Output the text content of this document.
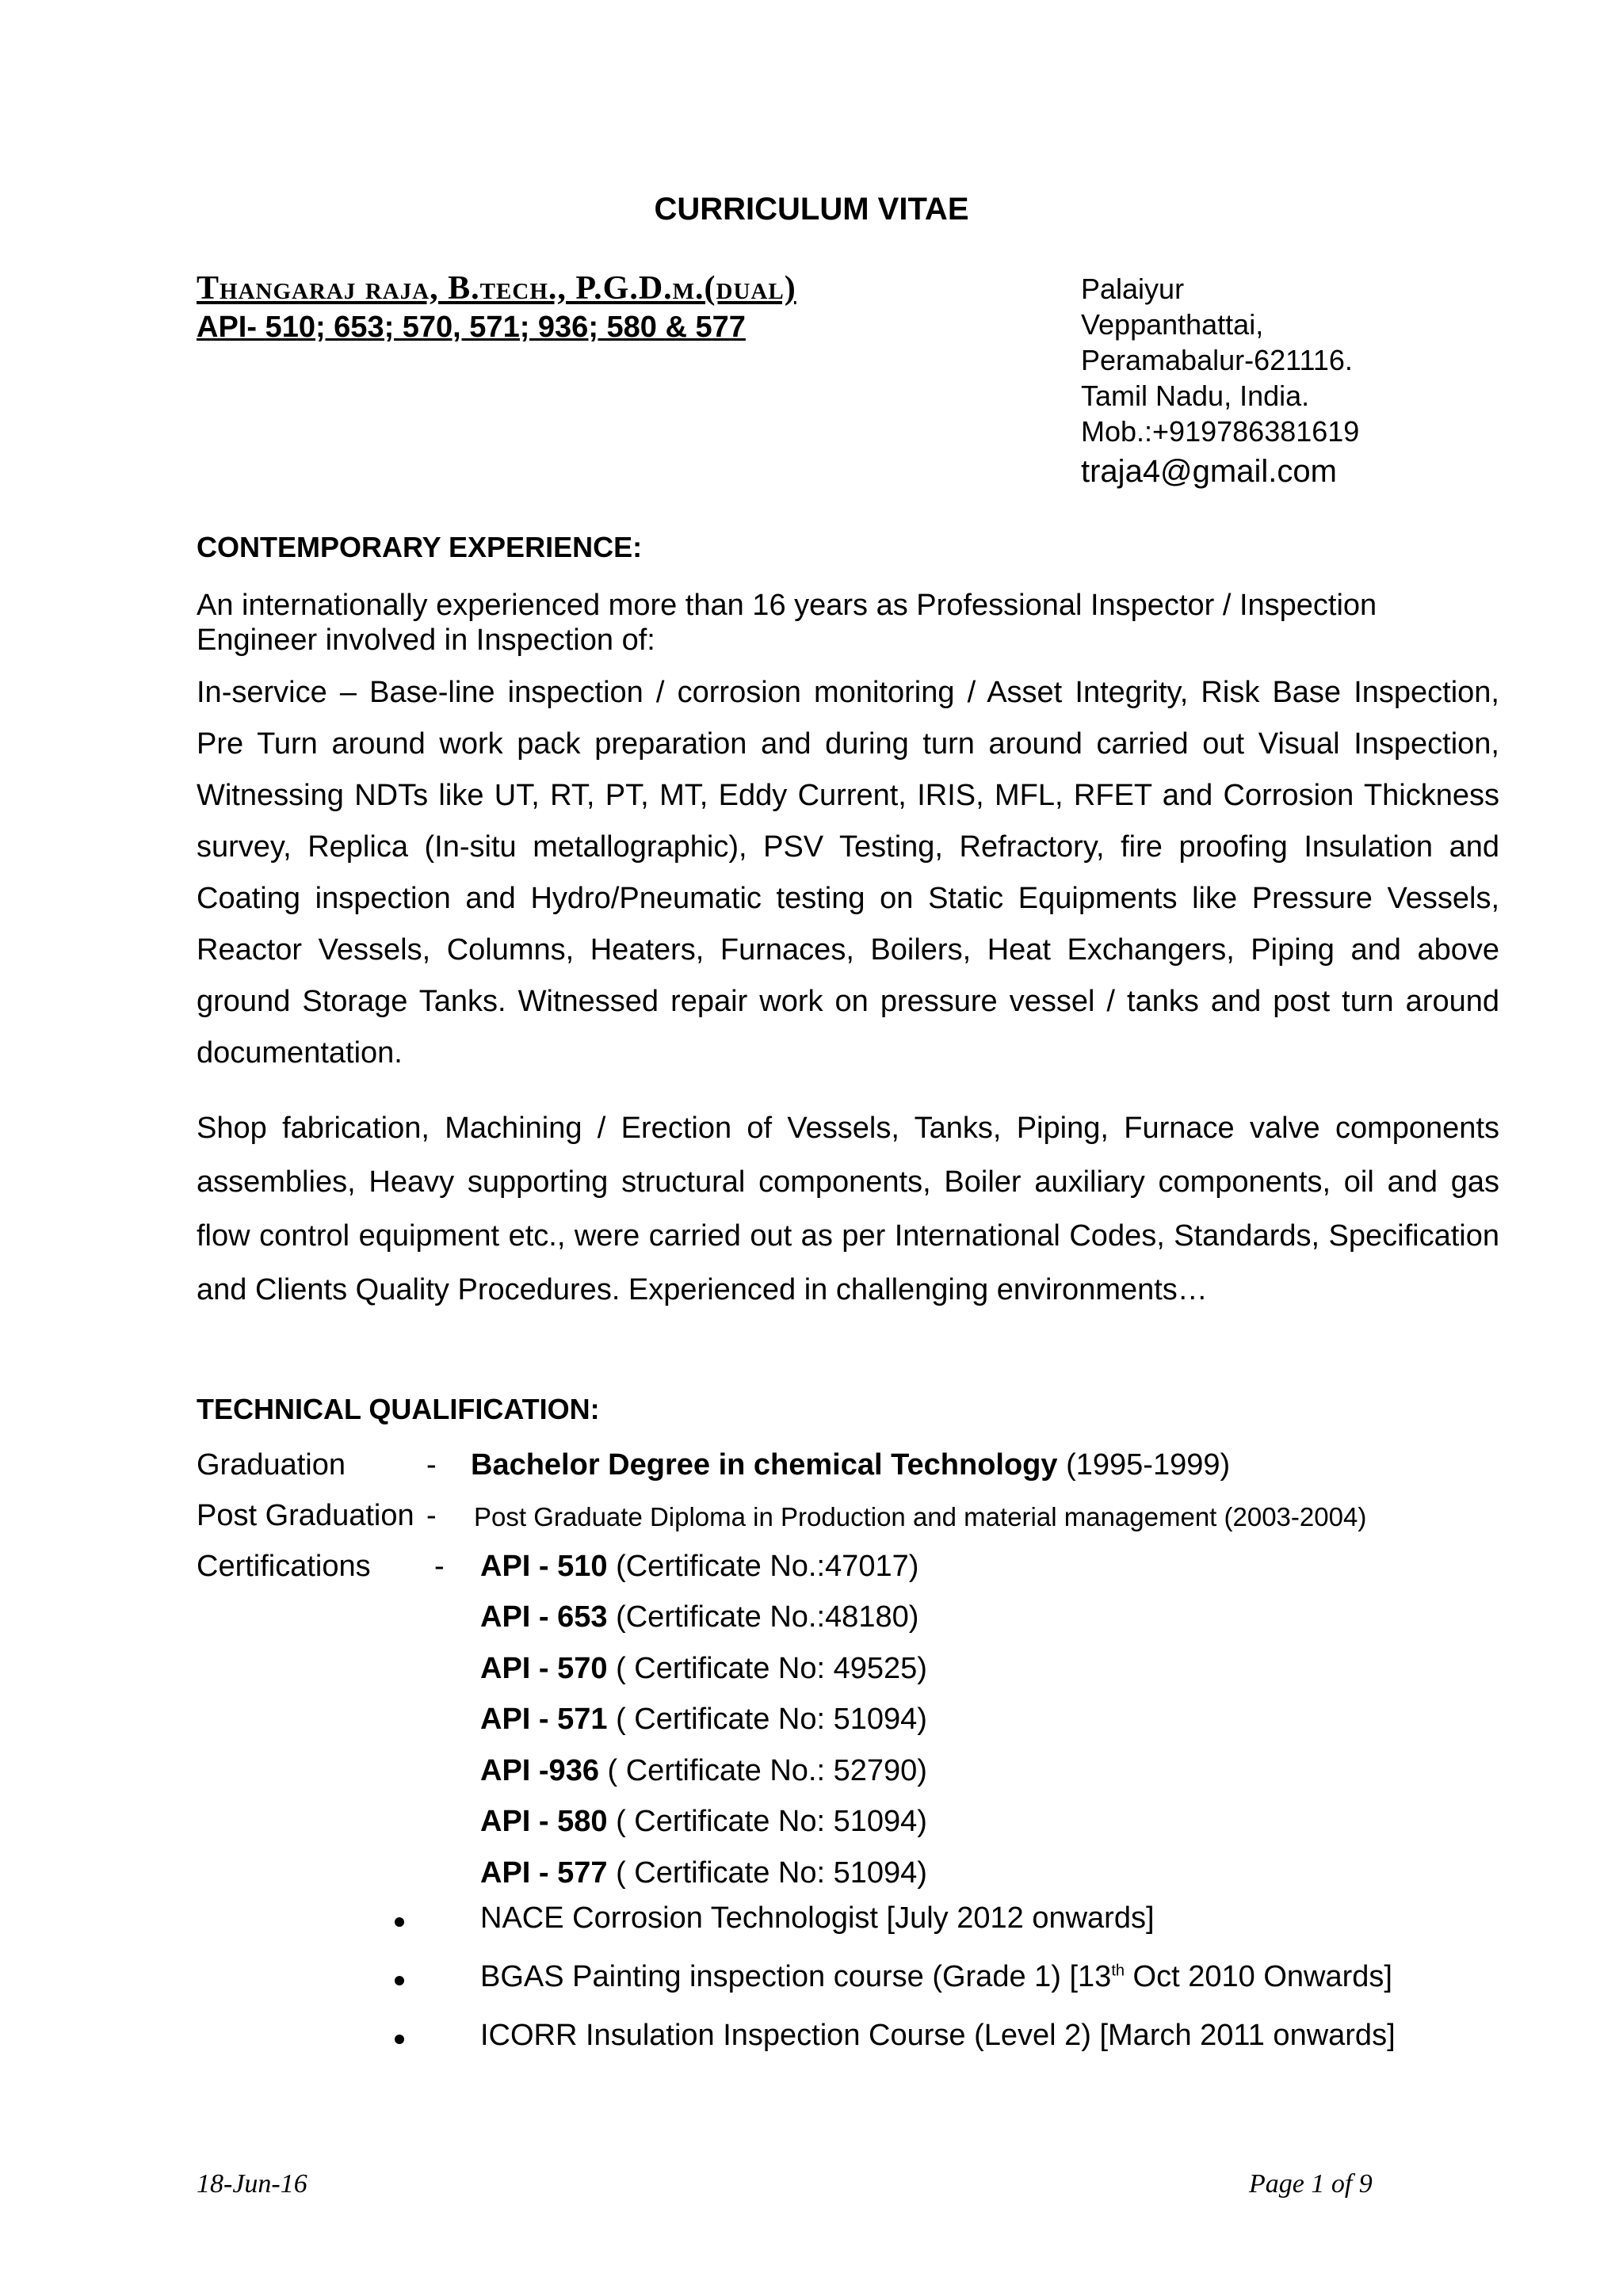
CURRICULUM VITAE
Thangaraj raja, B.tech., P.G.D.m.(dual)
API- 510; 653; 570, 571; 936; 580 & 577
Palaiyur
Veppanthattai,
Peramabalur-621116.
Tamil Nadu, India.
Mob.:+919786381619
traja4@gmail.com
CONTEMPORARY EXPERIENCE:
An internationally experienced more than 16 years as Professional Inspector / Inspection Engineer involved in Inspection of:
In-service – Base-line inspection / corrosion monitoring / Asset Integrity, Risk Base Inspection, Pre Turn around work pack preparation and during turn around carried out Visual Inspection, Witnessing NDTs like UT, RT, PT, MT, Eddy Current, IRIS, MFL, RFET and Corrosion Thickness survey, Replica (In-situ metallographic), PSV Testing, Refractory, fire proofing Insulation and Coating inspection and Hydro/Pneumatic testing on Static Equipments like Pressure Vessels, Reactor Vessels, Columns, Heaters, Furnaces, Boilers, Heat Exchangers, Piping and above ground Storage Tanks. Witnessed repair work on pressure vessel / tanks and post turn around documentation.
Shop fabrication, Machining / Erection of Vessels, Tanks, Piping, Furnace valve components assemblies, Heavy supporting structural components, Boiler auxiliary components, oil and gas flow control equipment etc., were carried out as per International Codes, Standards, Specification and Clients Quality Procedures. Experienced in challenging environments…
TECHNICAL QUALIFICATION:
Graduation	- Bachelor Degree in chemical Technology (1995-1999)
Post Graduation - Post Graduate Diploma in Production and material management (2003-2004)
Certifications - API - 510 (Certificate No.:47017)
API - 653 (Certificate No.:48180)
API - 570 ( Certificate No: 49525)
API - 571 ( Certificate No: 51094)
API -936 ( Certificate No.: 52790)
API - 580 ( Certificate No: 51094)
API - 577 ( Certificate No: 51094)
NACE Corrosion Technologist [July 2012 onwards]
BGAS Painting inspection course (Grade 1) [13th Oct 2010 Onwards]
ICORR Insulation Inspection Course (Level 2) [March 2011 onwards]
18-Jun-16	Page 1 of 9
